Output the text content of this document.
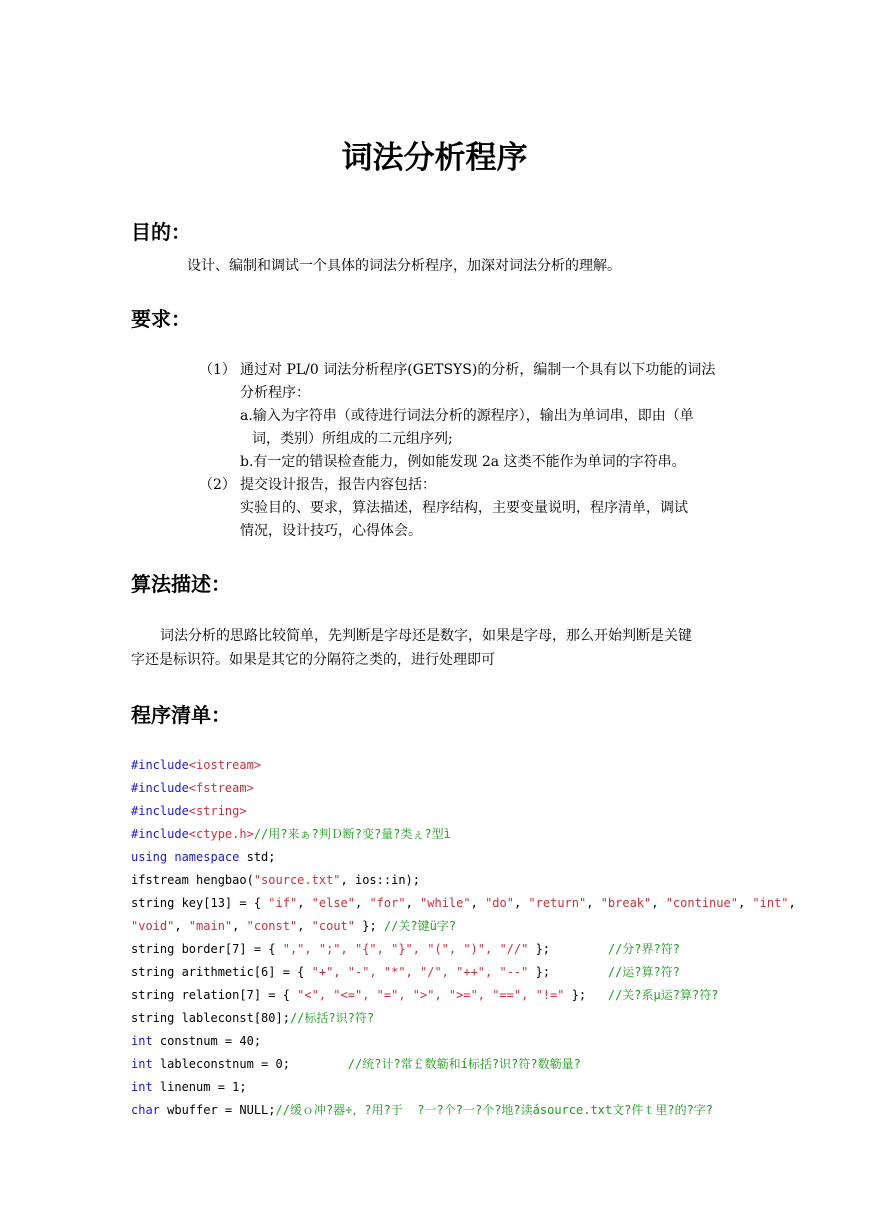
词法分析程序
目的：
设计、编制和调试一个具体的词法分析程序，加深对词法分析的理解。
要求：
（1） 通过对 PL/0 词法分析程序(GETSYS)的分析，编制一个具有以下功能的词法
分析程序：
a.输入为字符串（或待进行词法分析的源程序），输出为单词串，即由（单
词，类别）所组成的二元组序列;
b.有一定的错误检查能力，例如能发现 2a 这类不能作为单词的字符串。
（2） 提交设计报告，报告内容包括：
实验目的、要求，算法描述，程序结构，主要变量说明，程序清单，调试
情况，设计技巧，心得体会。
算法描述：
词法分析的思路比较简单，先判断是字母还是数字，如果是字母，那么开始判断是关键
字还是标识符。如果是其它的分隔符之类的，进行处理即可
程序清单：
#include<iostream>
#include<fstream>
#include<string>
#include<ctype.h>//用?来ぁ?判Ｄ断?变?量?类ぇ?型ì
using namespace std;
ifstream hengbao("source.txt", ios::in);
string key[13] = { "if", "else", "for", "while", "do", "return", "break", "continue", "int",
"void", "main", "const", "cout" }; //关?键ü字?
string border[7] = { ",", ";", "{", "}", "(", ")", "//" };        //分?界?符?
string arithmetic[6] = { "+", "-", "*", "/", "++", "--" };        //运?算?符?
string relation[7] = { "<", "<=", "=", ">", ">=", "==", "!=" };   //关?系μ运?算?符?
string lableconst[80];//标括?识?符?
int constnum = 40;
int lableconstnum = 0;        //统?计?常￡数簕和í标括?识?符?数簕量?
int linenum = 1;
char wbuffer = NULL;//缓ｏ冲?器÷，?用?于  ?一?个?一?个?地?读ásource.txt文?件ｔ里?的?字?
